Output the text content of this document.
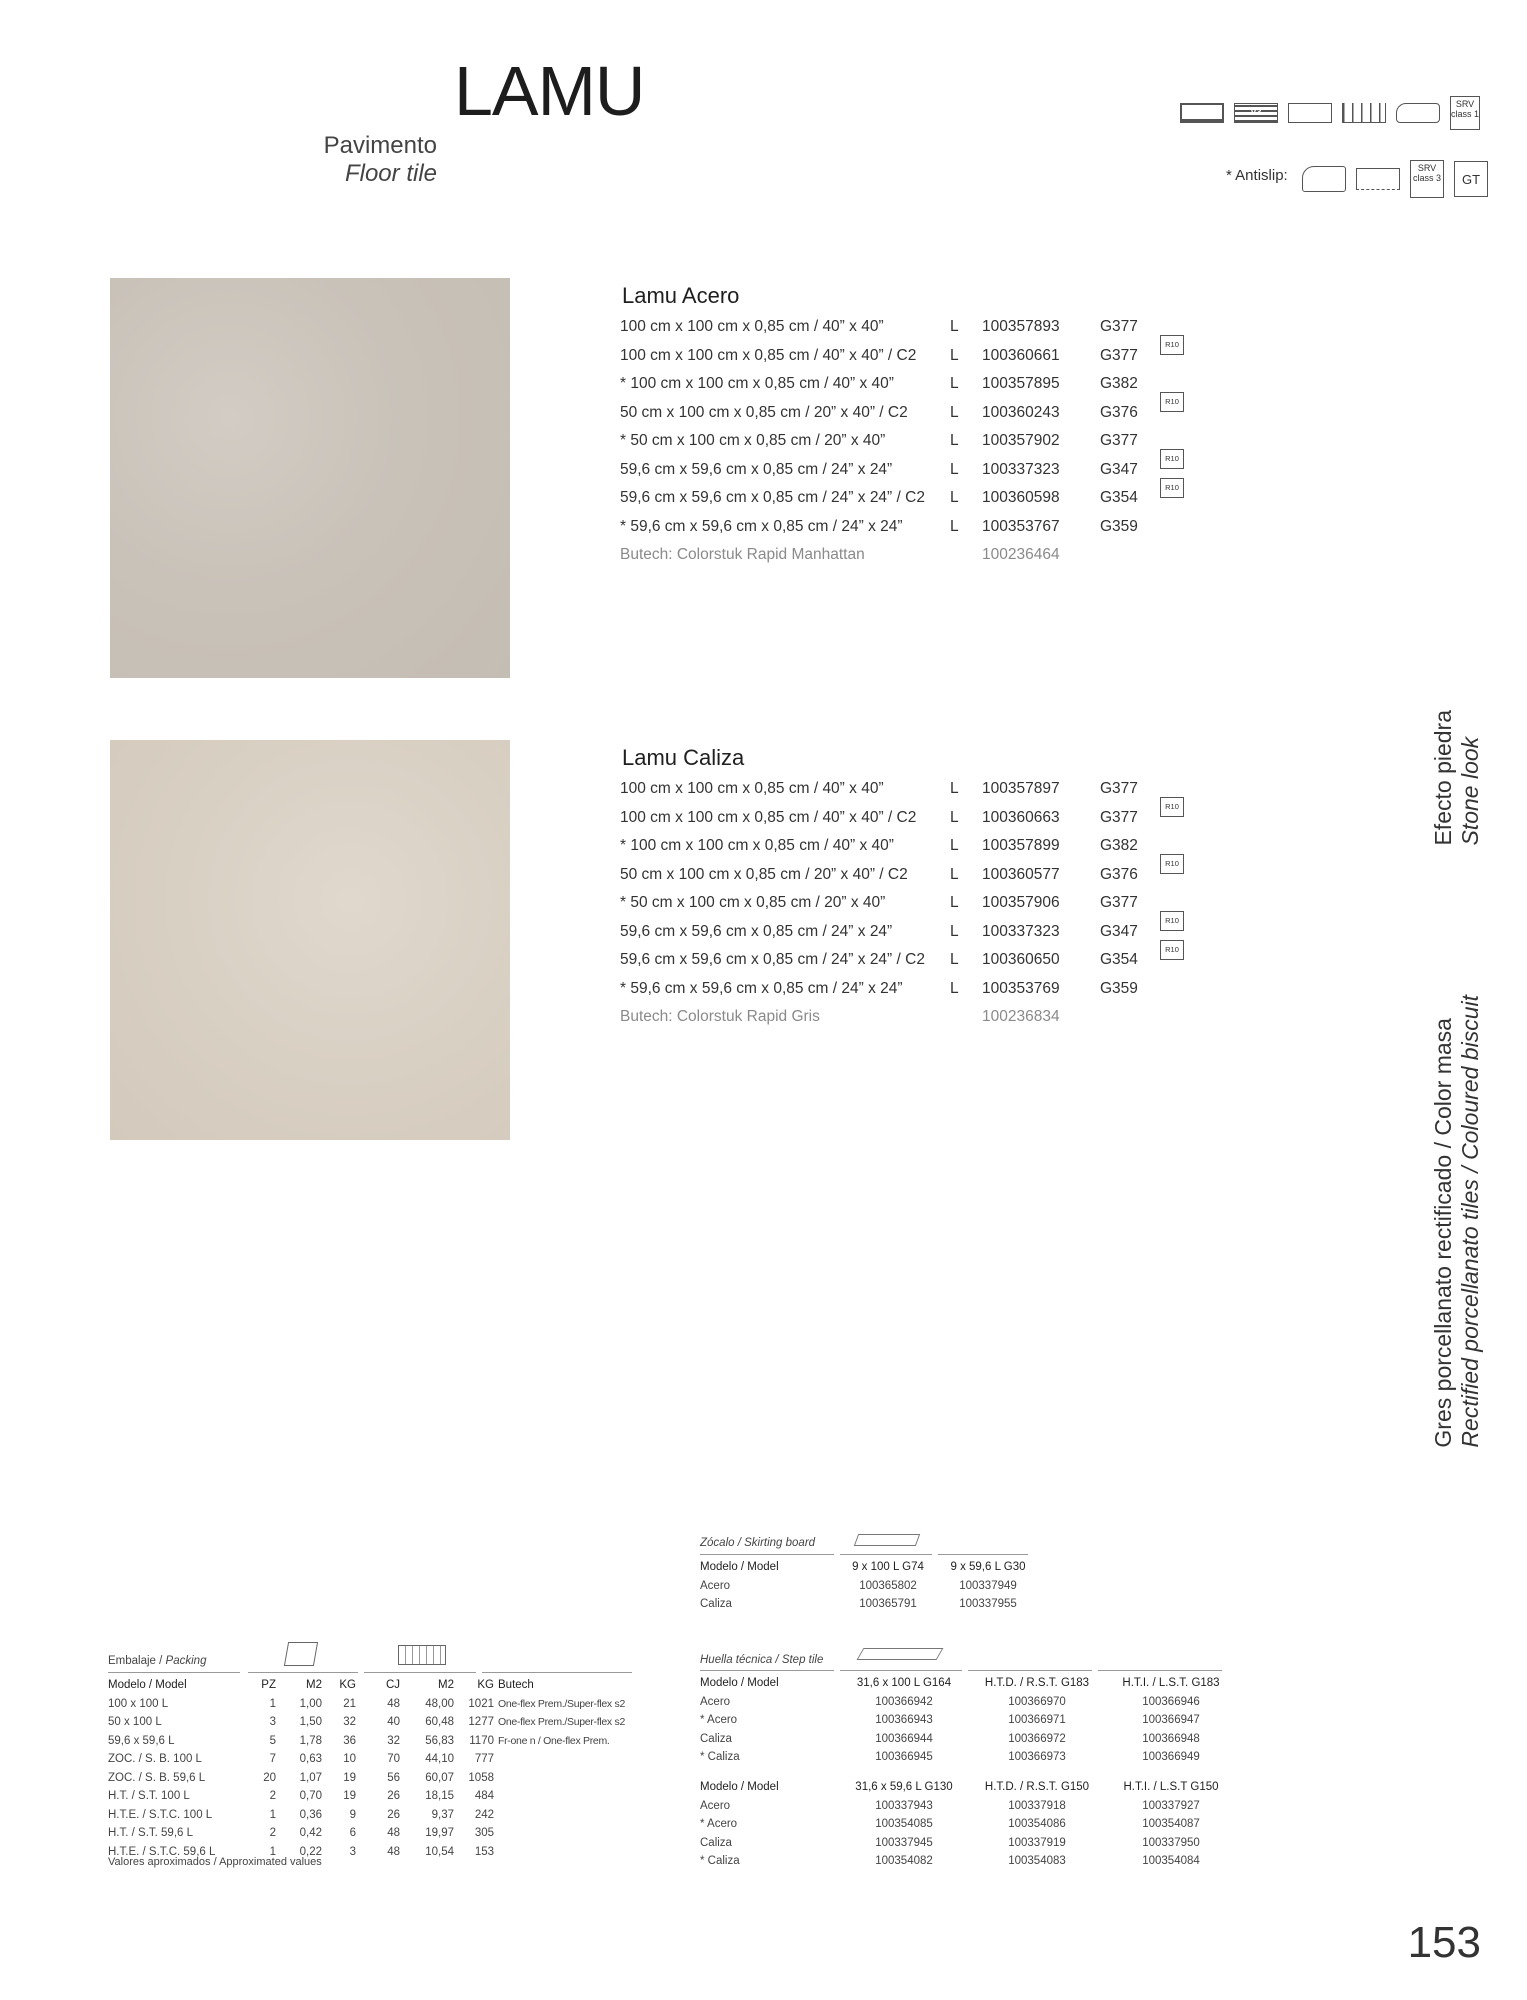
LAMU
Pavimento
Floor tile
V3
SRV class 1
* Antislip:	SRV class 3	GT
Lamu Acero
100 cm x 100 cm x 0,85 cm / 40” x 40”	L	100357893	G377	
100 cm x 100 cm x 0,85 cm / 40” x 40” / C2	L	100360661	G377	R10
* 100 cm x 100 cm x 0,85 cm / 40” x 40”	L	100357895	G382	
50 cm x 100 cm x 0,85 cm / 20” x 40” / C2	L	100360243	G376	R10
* 50 cm x 100 cm x 0,85 cm / 20” x 40”	L	100357902	G377	
59,6 cm x 59,6 cm x 0,85 cm / 24” x 24”	L	100337323	G347	R10
59,6 cm x 59,6 cm x 0,85 cm / 24” x 24” / C2	L	100360598	G354	R10
* 59,6 cm x 59,6 cm x 0,85 cm / 24” x 24”	L	100353767	G359	
Butech: Colorstuk Rapid Manhattan		100236464		
Lamu Caliza
100 cm x 100 cm x 0,85 cm / 40” x 40”	L	100357897	G377	
100 cm x 100 cm x 0,85 cm / 40” x 40” / C2	L	100360663	G377	R10
* 100 cm x 100 cm x 0,85 cm / 40” x 40”	L	100357899	G382	
50 cm x 100 cm x 0,85 cm / 20” x 40” / C2	L	100360577	G376	R10
* 50 cm x 100 cm x 0,85 cm / 20” x 40”	L	100357906	G377	
59,6 cm x 59,6 cm x 0,85 cm / 24” x 24”	L	100337323	G347	R10
59,6 cm x 59,6 cm x 0,85 cm / 24” x 24” / C2	L	100360650	G354	R10
* 59,6 cm x 59,6 cm x 0,85 cm / 24” x 24”	L	100353769	G359	
Butech: Colorstuk Rapid Gris		100236834		
Efecto piedra
Stone look
Gres porcellanato rectificado / Color masa
Rectified porcellanato tiles / Coloured biscuit
Embalaje / Packing
Modelo / Model	PZ	M2	KG	CJ	M2	KG	Butech
100 x 100 L	1	1,00	21	48	48,00	1021	One-flex Prem./Super-flex s2
50 x 100 L	3	1,50	32	40	60,48	1277	One-flex Prem./Super-flex s2
59,6 x 59,6 L	5	1,78	36	32	56,83	1170	Fr-one n / One-flex Prem.
ZOC. / S. B. 100 L	7	0,63	10	70	44,10	777	
ZOC. / S. B. 59,6 L	20	1,07	19	56	60,07	1058	
H.T. / S.T. 100 L	2	0,70	19	26	18,15	484	
H.T.E. / S.T.C. 100 L	1	0,36	9	26	9,37	242	
H.T. / S.T. 59,6 L	2	0,42	6	48	19,97	305	
H.T.E. / S.T.C. 59,6 L	1	0,22	3	48	10,54	153	
Valores aproximados / Approximated values
Zócalo / Skirting board
Modelo / Model	9 x 100 L G74	9 x 59,6 L G30
Acero	100365802	100337949
Caliza	100365791	100337955
Huella técnica / Step tile
Modelo / Model	31,6 x 100 L G164	H.T.D. / R.S.T. G183	H.T.I. / L.S.T. G183
Acero	100366942	100366970	100366946
* Acero	100366943	100366971	100366947
Caliza	100366944	100366972	100366948
* Caliza	100366945	100366973	100366949
Modelo / Model	31,6 x 59,6 L G130	H.T.D. / R.S.T. G150	H.T.I. / L.S.T G150
Acero	100337943	100337918	100337927
* Acero	100354085	100354086	100354087
Caliza	100337945	100337919	100337950
* Caliza	100354082	100354083	100354084
153
